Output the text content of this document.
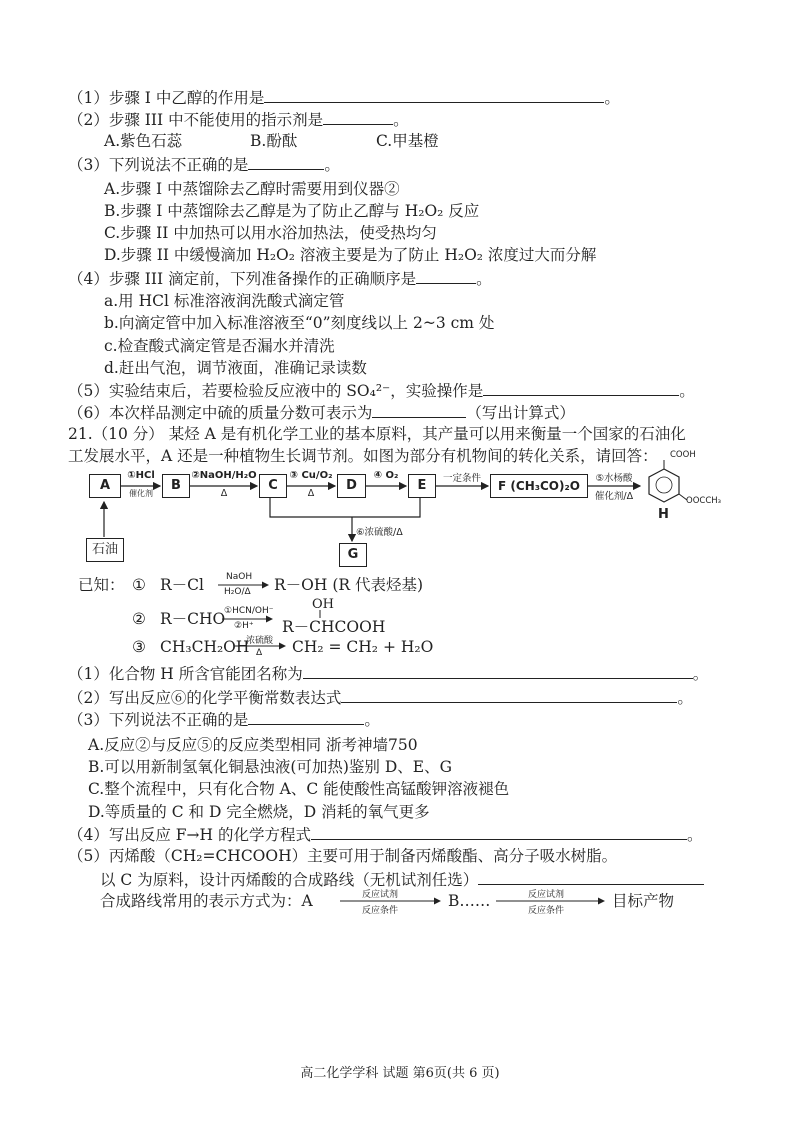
（1）步骤 I 中乙醇的作用是	。
（2）步骤 III 中不能使用的指示剂是	。
A.紫色石蕊	B.酚酞	C.甲基橙
（3）下列说法不正确的是	。
A.步骤 I 中蒸馏除去乙醇时需要用到仪器②
B.步骤 I 中蒸馏除去乙醇是为了防止乙醇与 H₂O₂ 反应
C.步骤 II 中加热可以用水浴加热法，使受热均匀
D.步骤 II 中缓慢滴加 H₂O₂ 溶液主要是为了防止 H₂O₂ 浓度过大而分解
（4）步骤 III 滴定前，下列准备操作的正确顺序是	。
a.用 HCl 标准溶液润洗酸式滴定管
b.向滴定管中加入标准溶液至“0”刻度线以上 2~3 cm 处
c.检查酸式滴定管是否漏水并清洗
d.赶出气泡，调节液面，准确记录读数
（5）实验结束后，若要检验反应液中的 SO₄²⁻，实验操作是	。
（6）本次样品测定中硫的质量分数可表示为	（写出计算式）
21.（10 分） 某烃 A 是有机化学工业的基本原料，其产量可以用来衡量一个国家的石油化
工发展水平，A 还是一种植物生长调节剂。如图为部分有机物间的转化关系，请回答：
A	B	C	D	E	F (CH₃CO)₂O
G
石油
①HCl
催化剂
②NaOH/H₂O
Δ
③ Cu/O₂
Δ
④ O₂	一定条件	⑤水杨酸
催化剂/Δ
⑥浓硫酸/Δ
COOH
OOCCH₃
H
已知： ① R－Cl NaOH
H₂O/Δ R－OH (R 代表烃基)
② R－CHO
①HCN/OH⁻
②H⁺
OH
R－CHCOOH
③ CH₃CH₂OH
浓硫酸
Δ CH₂ = CH₂ + H₂O
（1）化合物 H 所含官能团名称为	。
（2）写出反应⑥的化学平衡常数表达式	。
（3）下列说法不正确的是	。
A.反应②与反应⑤的反应类型相同 浙考神墙750
B.可以用新制氢氧化铜悬浊液(可加热)鉴别 D、E、G
C.整个流程中，只有化合物 A、C 能使酸性高锰酸钾溶液褪色
D.等质量的 C 和 D 完全燃烧，D 消耗的氧气更多
（4）写出反应 F→H 的化学方程式	。
（5）丙烯酸（CH₂=CHCOOH）主要可用于制备丙烯酸酯、高分子吸水树脂。
以 C 为原料，设计丙烯酸的合成路线（无机试剂任选）
合成路线常用的表示方式为：A	反应试剂
反应条件
B……	反应试剂
反应条件
目标产物
高二化学学科 试题 第6页(共 6 页)
